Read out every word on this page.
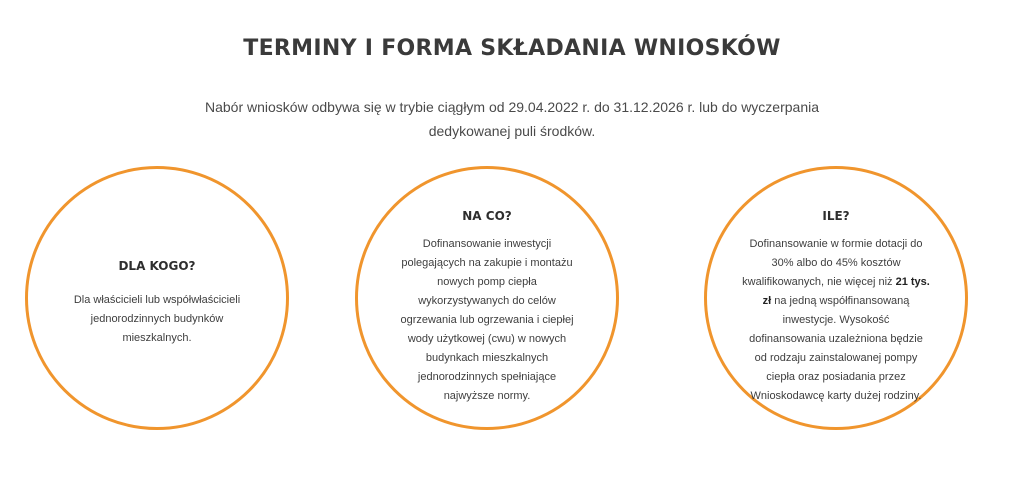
TERMINY I FORMA SKŁADANIA WNIOSKÓW
Nabór wniosków odbywa się w trybie ciągłym od 29.04.2022 r. do 31.12.2026 r. lub do wyczerpania
dedykowanej puli środków.
DLA KOGO?
Dla właścicieli lub współwłaścicieli
jednorodzinnych budynków
mieszkalnych.
NA CO?
Dofinansowanie inwestycji
polegających na zakupie i montażu
nowych pomp ciepła
wykorzystywanych do celów
ogrzewania lub ogrzewania i ciepłej
wody użytkowej (cwu) w nowych
budynkach mieszkalnych
jednorodzinnych spełniające
najwyższe normy.
ILE?
Dofinansowanie w formie dotacji do
30% albo do 45% kosztów
kwalifikowanych, nie więcej niż 21 tys.
zł na jedną współfinansowaną
inwestycje. Wysokość
dofinansowania uzależniona będzie
od rodzaju zainstalowanej pompy
ciepła oraz posiadania przez
Wnioskodawcę karty dużej rodziny.
